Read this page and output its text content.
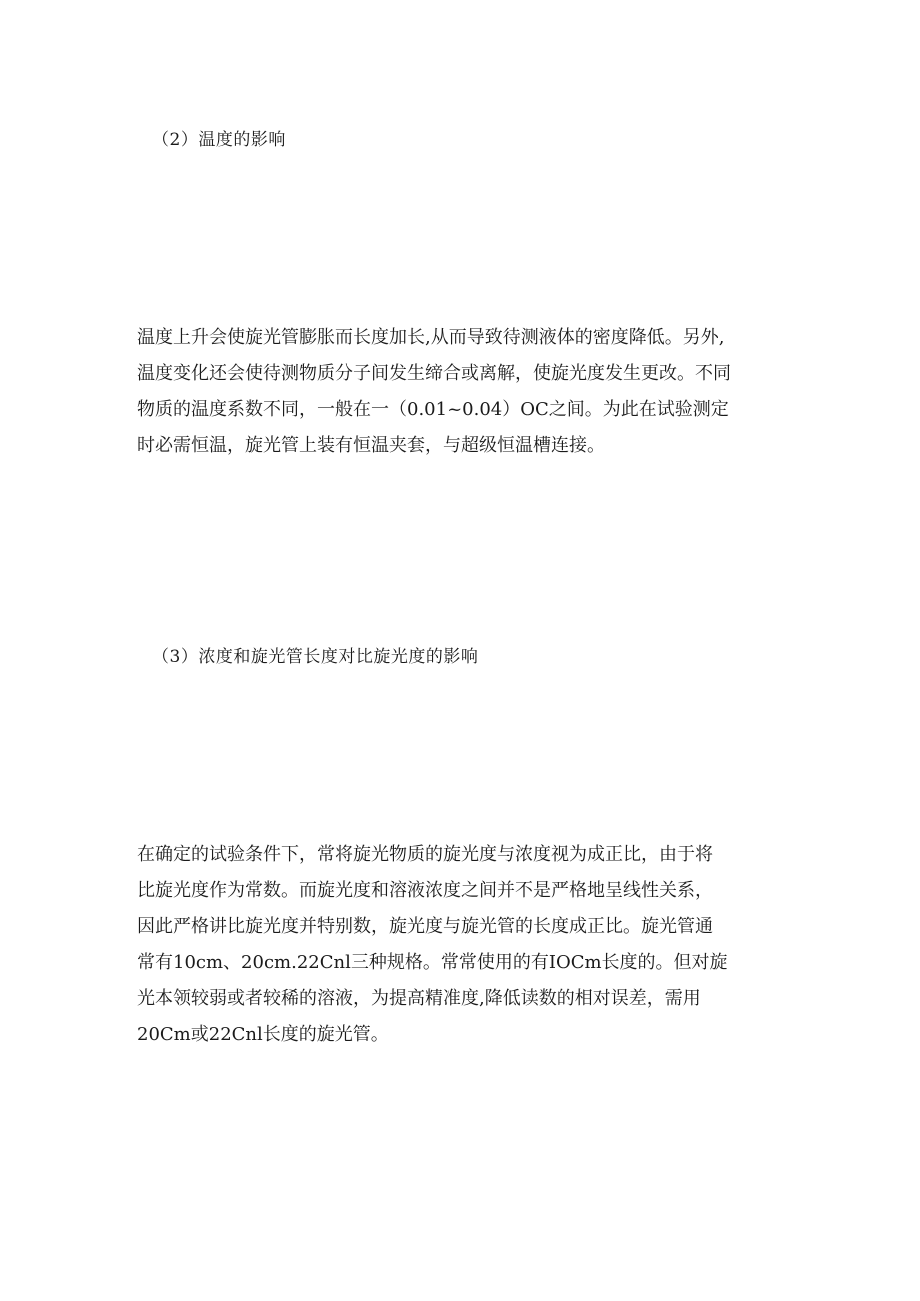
（2）温度的影响
温度上升会使旋光管膨胀而长度加长,从而导致待测液体的密度降低。另外,
温度变化还会使待测物质分子间发生缔合或离解，使旋光度发生更改。不同
物质的温度系数不同，一般在一（0.01~0.04）OC之间。为此在试验测定
时必需恒温，旋光管上装有恒温夹套，与超级恒温槽连接。
（3）浓度和旋光管长度对比旋光度的影响
在确定的试验条件下，常将旋光物质的旋光度与浓度视为成正比，由于将
比旋光度作为常数。而旋光度和溶液浓度之间并不是严格地呈线性关系，
因此严格讲比旋光度并特别数，旋光度与旋光管的长度成正比。旋光管通
常有10cm、20cm.22Cnl三种规格。常常使用的有IOCm长度的。但对旋
光本领较弱或者较稀的溶液，为提高精准度,降低读数的相对误差，需用
20Cm或22Cnl长度的旋光管。
